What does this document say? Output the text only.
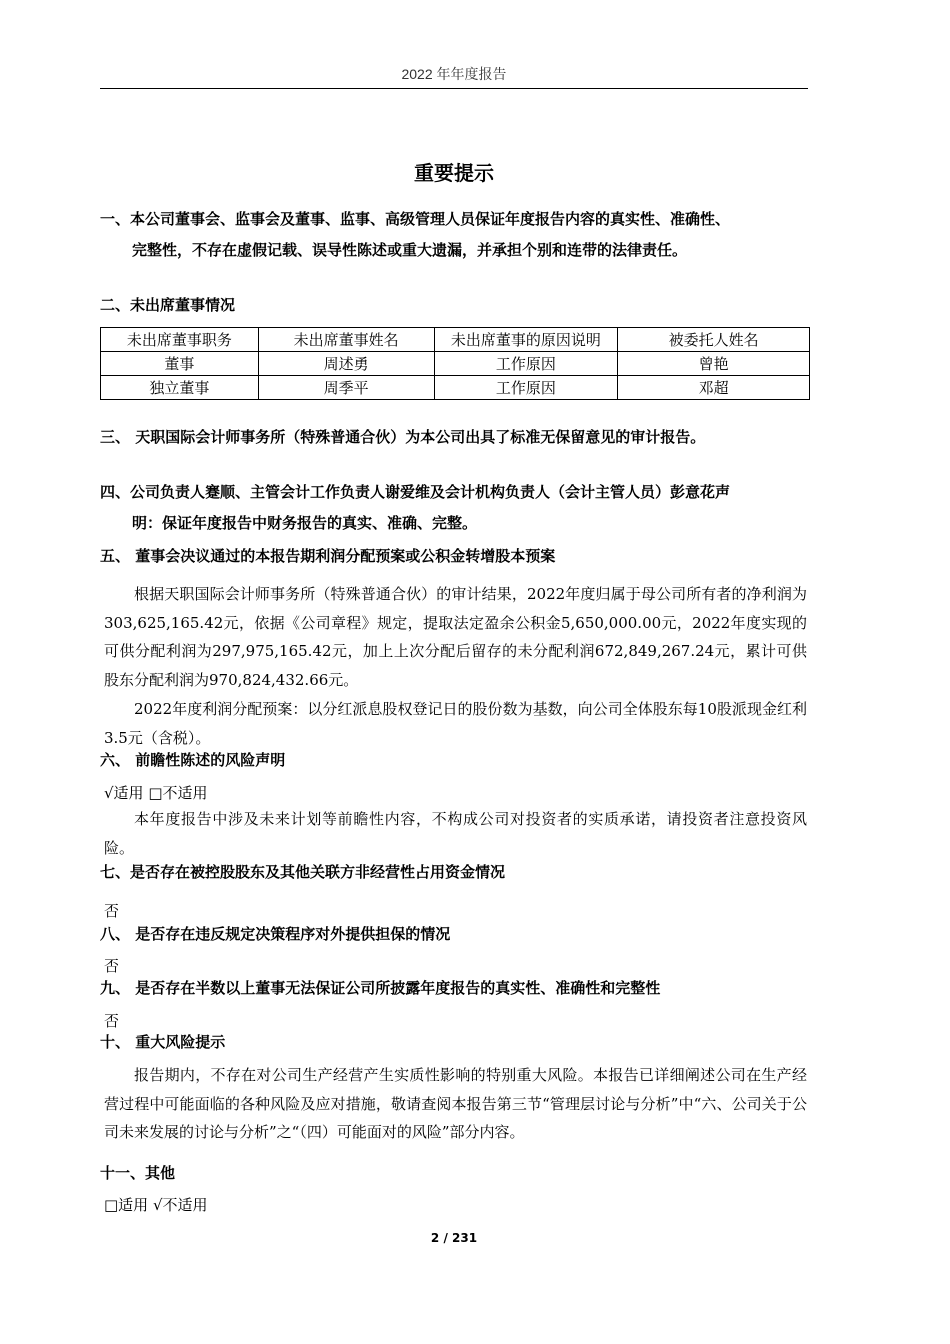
2022 年年度报告
重要提示
一、本公司董事会、监事会及董事、监事、高级管理人员保证年度报告内容的真实性、准确性、
完整性，不存在虚假记载、误导性陈述或重大遗漏，并承担个别和连带的法律责任。
二、未出席董事情况
未出席董事职务	未出席董事姓名	未出席董事的原因说明	被委托人姓名
董事	周述勇	工作原因	曾艳
独立董事	周季平	工作原因	邓超
三、 天职国际会计师事务所（特殊普通合伙）为本公司出具了标准无保留意见的审计报告。
四、公司负责人蹇顺、主管会计工作负责人谢爱维及会计机构负责人（会计主管人员）彭意花声
明：保证年度报告中财务报告的真实、准确、完整。
五、 董事会决议通过的本报告期利润分配预案或公积金转增股本预案

根据天职国际会计师事务所（特殊普通合伙）的审计结果，2022年度归属于母公司所有者的净利润为303,625,165.42元，依据《公司章程》规定，提取法定盈余公积金5,650,000.00元，2022年度实现的可供分配利润为297,975,165.42元，加上上次分配后留存的未分配利润672,849,267.24元，累计可供股东分配利润为970,824,432.66元。

2022年度利润分配预案：以分红派息股权登记日的股份数为基数，向公司全体股东每10股派现金红利3.5元（含税）。

六、 前瞻性陈述的风险声明
√适用 □不适用

本年度报告中涉及未来计划等前瞻性内容，不构成公司对投资者的实质承诺，请投资者注意投资风险。

七、是否存在被控股股东及其他关联方非经营性占用资金情况
否
八、 是否存在违反规定决策程序对外提供担保的情况
否
九、 是否存在半数以上董事无法保证公司所披露年度报告的真实性、准确性和完整性
否
十、 重大风险提示

报告期内，不存在对公司生产经营产生实质性影响的特别重大风险。本报告已详细阐述公司在生产经营过程中可能面临的各种风险及应对措施，敬请查阅本报告第三节“管理层讨论与分析”中“六、公司关于公司未来发展的讨论与分析”之“（四）可能面对的风险”部分内容。

十一、其他
□适用 √不适用
2 / 231
